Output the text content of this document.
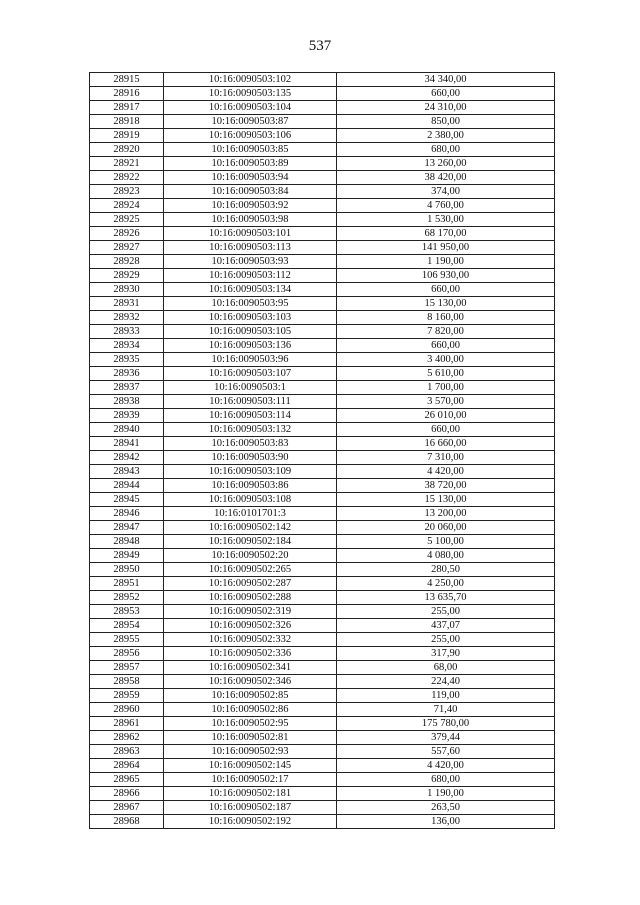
537
28915	10:16:0090503:102	34 340,00
28916	10:16:0090503:135	660,00
28917	10:16:0090503:104	24 310,00
28918	10:16:0090503:87	850,00
28919	10:16:0090503:106	2 380,00
28920	10:16:0090503:85	680,00
28921	10:16:0090503:89	13 260,00
28922	10:16:0090503:94	38 420,00
28923	10:16:0090503:84	374,00
28924	10:16:0090503:92	4 760,00
28925	10:16:0090503:98	1 530,00
28926	10:16:0090503:101	68 170,00
28927	10:16:0090503:113	141 950,00
28928	10:16:0090503:93	1 190,00
28929	10:16:0090503:112	106 930,00
28930	10:16:0090503:134	660,00
28931	10:16:0090503:95	15 130,00
28932	10:16:0090503:103	8 160,00
28933	10:16:0090503:105	7 820,00
28934	10:16:0090503:136	660,00
28935	10:16:0090503:96	3 400,00
28936	10:16:0090503:107	5 610,00
28937	10:16:0090503:1	1 700,00
28938	10:16:0090503:111	3 570,00
28939	10:16:0090503:114	26 010,00
28940	10:16:0090503:132	660,00
28941	10:16:0090503:83	16 660,00
28942	10:16:0090503:90	7 310,00
28943	10:16:0090503:109	4 420,00
28944	10:16:0090503:86	38 720,00
28945	10:16:0090503:108	15 130,00
28946	10:16:0101701:3	13 200,00
28947	10:16:0090502:142	20 060,00
28948	10:16:0090502:184	5 100,00
28949	10:16:0090502:20	4 080,00
28950	10:16:0090502:265	280,50
28951	10:16:0090502:287	4 250,00
28952	10:16:0090502:288	13 635,70
28953	10:16:0090502:319	255,00
28954	10:16:0090502:326	437,07
28955	10:16:0090502:332	255,00
28956	10:16:0090502:336	317,90
28957	10:16:0090502:341	68,00
28958	10:16:0090502:346	224,40
28959	10:16:0090502:85	119,00
28960	10:16:0090502:86	71,40
28961	10:16:0090502:95	175 780,00
28962	10:16:0090502:81	379,44
28963	10:16:0090502:93	557,60
28964	10:16:0090502:145	4 420,00
28965	10:16:0090502:17	680,00
28966	10:16:0090502:181	1 190,00
28967	10:16:0090502:187	263,50
28968	10:16:0090502:192	136,00
